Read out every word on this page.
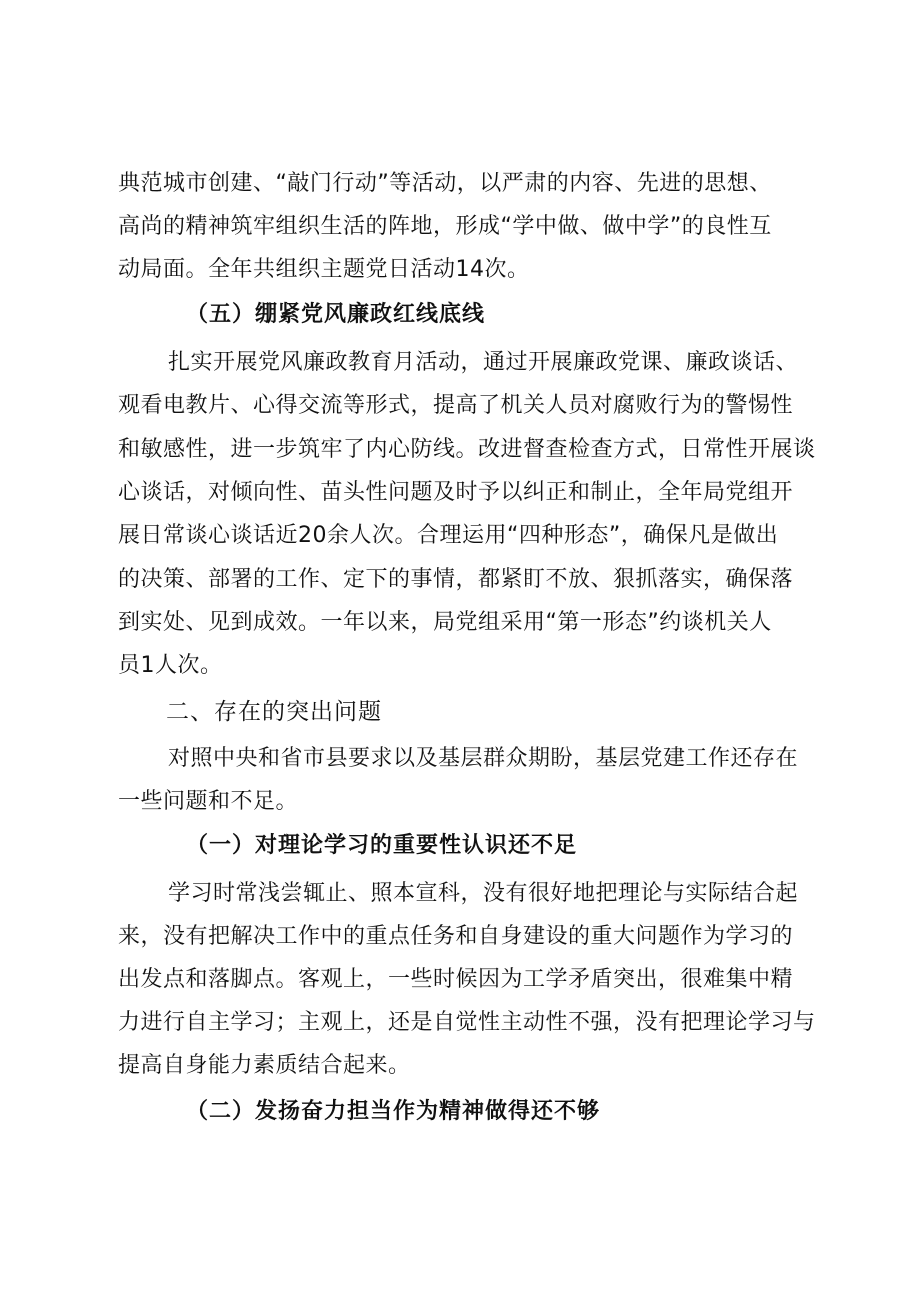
典范城市创建、“敲门行动”等活动，以严肃的内容、先进的思想、
高尚的精神筑牢组织生活的阵地，形成“学中做、做中学”的良性互
动局面。全年共组织主题党日活动14次。
（五）绷紧党风廉政红线底线
扎实开展党风廉政教育月活动，通过开展廉政党课、廉政谈话、
观看电教片、心得交流等形式，提高了机关人员对腐败行为的警惕性
和敏感性，进一步筑牢了内心防线。改进督查检查方式，日常性开展谈
心谈话，对倾向性、苗头性问题及时予以纠正和制止，全年局党组开
展日常谈心谈话近20余人次。合理运用“四种形态”，确保凡是做出
的决策、部署的工作、定下的事情，都紧盯不放、狠抓落实，确保落
到实处、见到成效。一年以来，局党组采用“第一形态”约谈机关人
员1人次。
二、存在的突出问题
对照中央和省市县要求以及基层群众期盼，基层党建工作还存在
一些问题和不足。
（一）对理论学习的重要性认识还不足
学习时常浅尝辄止、照本宣科，没有很好地把理论与实际结合起
来，没有把解决工作中的重点任务和自身建设的重大问题作为学习的
出发点和落脚点。客观上，一些时候因为工学矛盾突出，很难集中精
力进行自主学习；主观上，还是自觉性主动性不强，没有把理论学习与
提高自身能力素质结合起来。
（二）发扬奋力担当作为精神做得还不够
